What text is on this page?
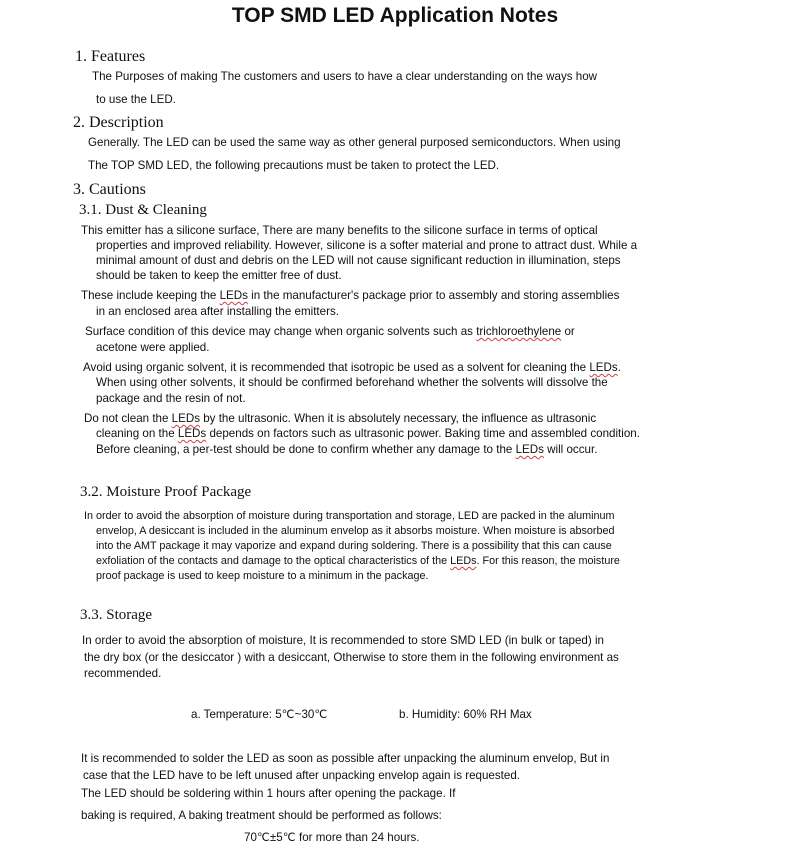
TOP SMD LED Application Notes
1. Features
The Purposes of making The customers and users to have a clear understanding on the ways how
to use the LED.
2. Description
Generally. The LED can be used the same way as other general purposed semiconductors. When using
The TOP SMD LED, the following precautions must be taken to protect the LED.
3. Cautions
3.1. Dust & Cleaning
This emitter has a silicone surface, There are many benefits to the silicone surface in terms of optical
properties and improved reliability. However, silicone is a softer material and prone to attract dust. While a
minimal amount of dust and debris on the LED will not cause significant reduction in illumination, steps
should be taken to keep the emitter free of dust.
These include keeping the LEDs in the manufacturer's package prior to assembly and storing assemblies
in an enclosed area after installing the emitters.
Surface condition of this device may change when organic solvents such as trichloroethylene or
acetone were applied.
Avoid using organic solvent, it is recommended that isotropic be used as a solvent for cleaning the LEDs.
When using other solvents, it should be confirmed beforehand whether the solvents will dissolve the
package and the resin of not.
Do not clean the LEDs by the ultrasonic. When it is absolutely necessary, the influence as ultrasonic
cleaning on the LEDs depends on factors such as ultrasonic power. Baking time and assembled condition.
Before cleaning, a per-test should be done to confirm whether any damage to the LEDs will occur.
3.2. Moisture Proof Package
In order to avoid the absorption of moisture during transportation and storage, LED are packed in the aluminum
envelop, A desiccant is included in the aluminum envelop as it absorbs moisture. When moisture is absorbed
into the AMT package it may vaporize and expand during soldering. There is a possibility that this can cause
exfoliation of the contacts and damage to the optical characteristics of the LEDs. For this reason, the moisture
proof package is used to keep moisture to a minimum in the package.
3.3. Storage
In order to avoid the absorption of moisture, It is recommended to store SMD LED (in bulk or taped) in
the dry box (or the desiccator ) with a desiccant, Otherwise to store them in the following environment as
recommended.
a. Temperature: 5℃~30℃	b. Humidity: 60% RH Max
It is recommended to solder the LED as soon as possible after unpacking the aluminum envelop, But in
case that the LED have to be left unused after unpacking envelop again is requested.
The LED should be soldering within 1 hours after opening the package. If
baking is required, A baking treatment should be performed as follows:
70℃±5℃ for more than 24 hours.
